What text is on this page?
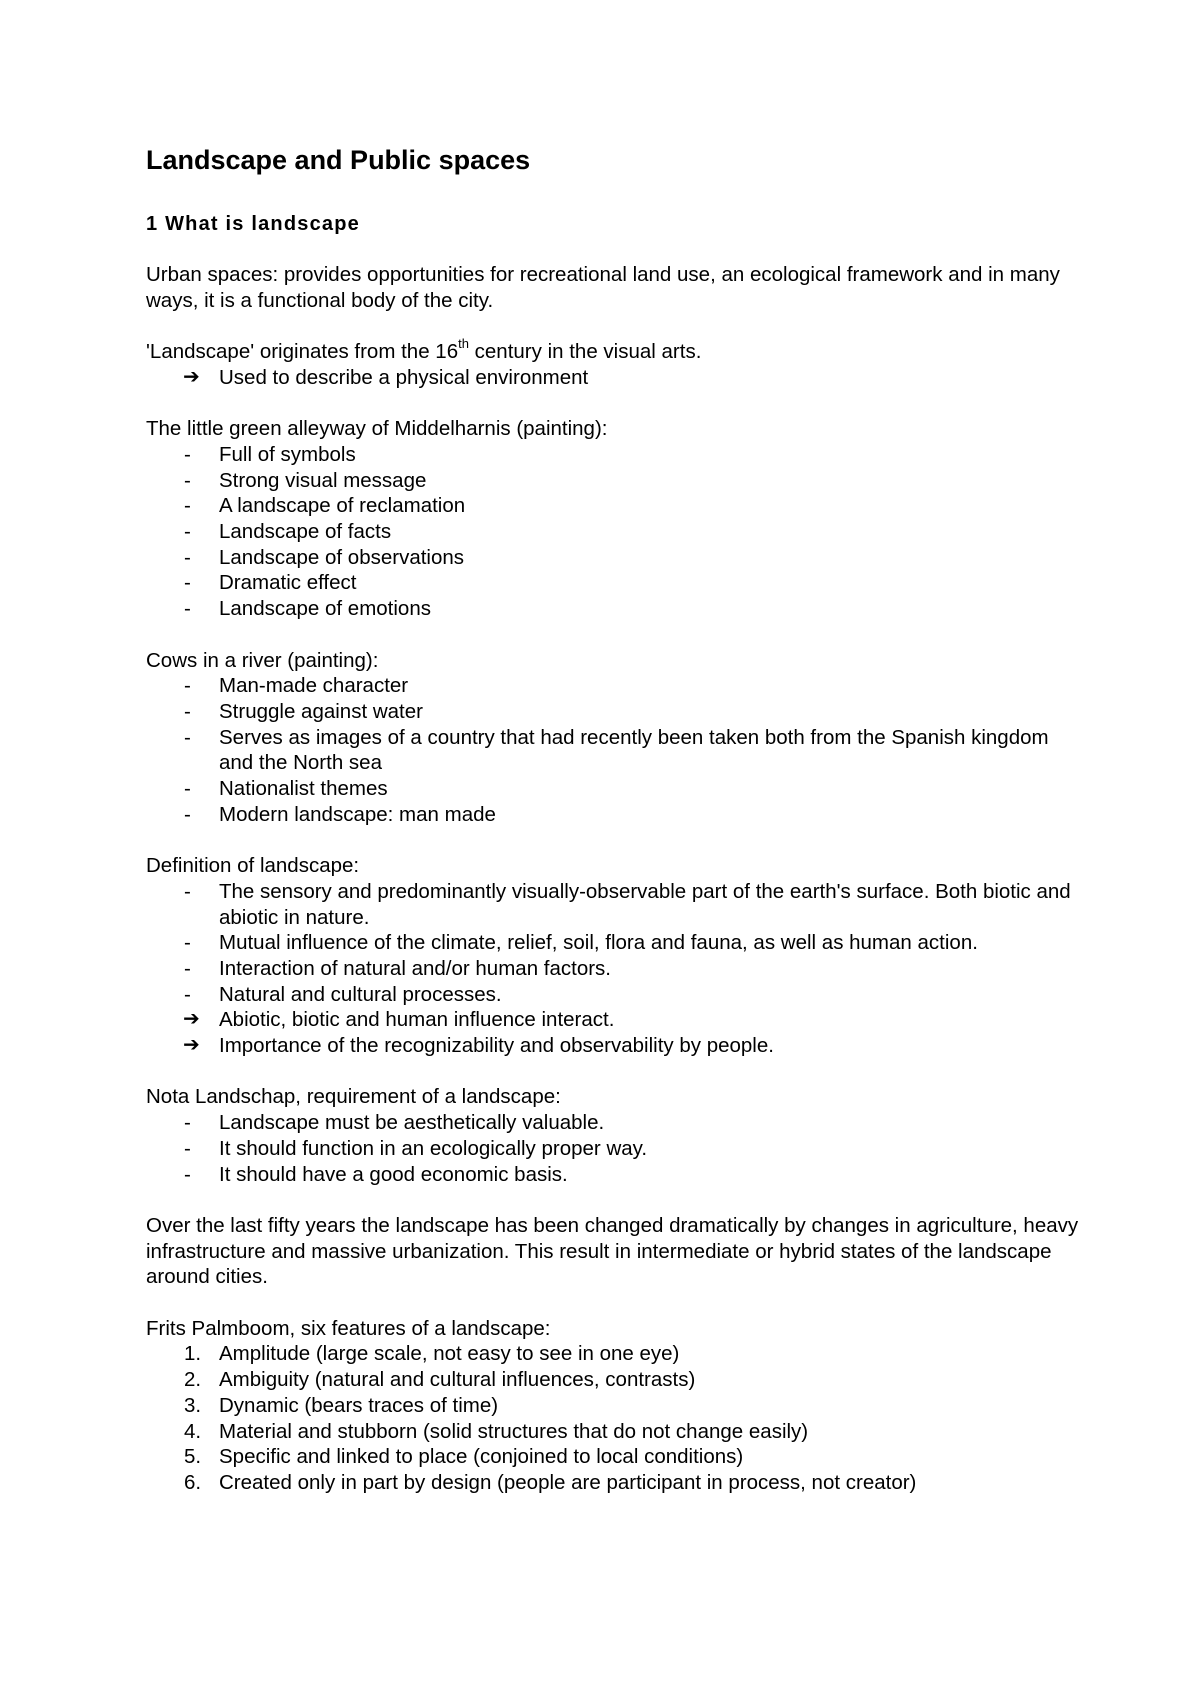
Landscape and Public spaces
1 What is landscape

Urban spaces: provides opportunities for recreational land use, an ecological framework and in many ways, it is a functional body of the city.

'Landscape' originates from the 16th century in the visual arts.

➔ Used to describe a physical environment

The little green alleyway of Middelharnis (painting):

- Full of symbols
- Strong visual message
- A landscape of reclamation
- Landscape of facts
- Landscape of observations
- Dramatic effect
- Landscape of emotions

Cows in a river (painting):

- Man-made character
- Struggle against water
- Serves as images of a country that had recently been taken both from the Spanish kingdom and the North sea
- Nationalist themes
- Modern landscape: man made

Definition of landscape:

- The sensory and predominantly visually-observable part of the earth's surface. Both biotic and abiotic in nature.
- Mutual influence of the climate, relief, soil, flora and fauna, as well as human action.
- Interaction of natural and/or human factors.
- Natural and cultural processes.
➔ Abiotic, biotic and human influence interact.
➔ Importance of the recognizability and observability by people.

Nota Landschap, requirement of a landscape:

- Landscape must be aesthetically valuable.
- It should function in an ecologically proper way.
- It should have a good economic basis.

Over the last fifty years the landscape has been changed dramatically by changes in agriculture, heavy infrastructure and massive urbanization. This result in intermediate or hybrid states of the landscape around cities.

Frits Palmboom, six features of a landscape:

1. Amplitude (large scale, not easy to see in one eye)
2. Ambiguity (natural and cultural influences, contrasts)
3. Dynamic (bears traces of time)
4. Material and stubborn (solid structures that do not change easily)
5. Specific and linked to place (conjoined to local conditions)
6. Created only in part by design (people are participant in process, not creator)
